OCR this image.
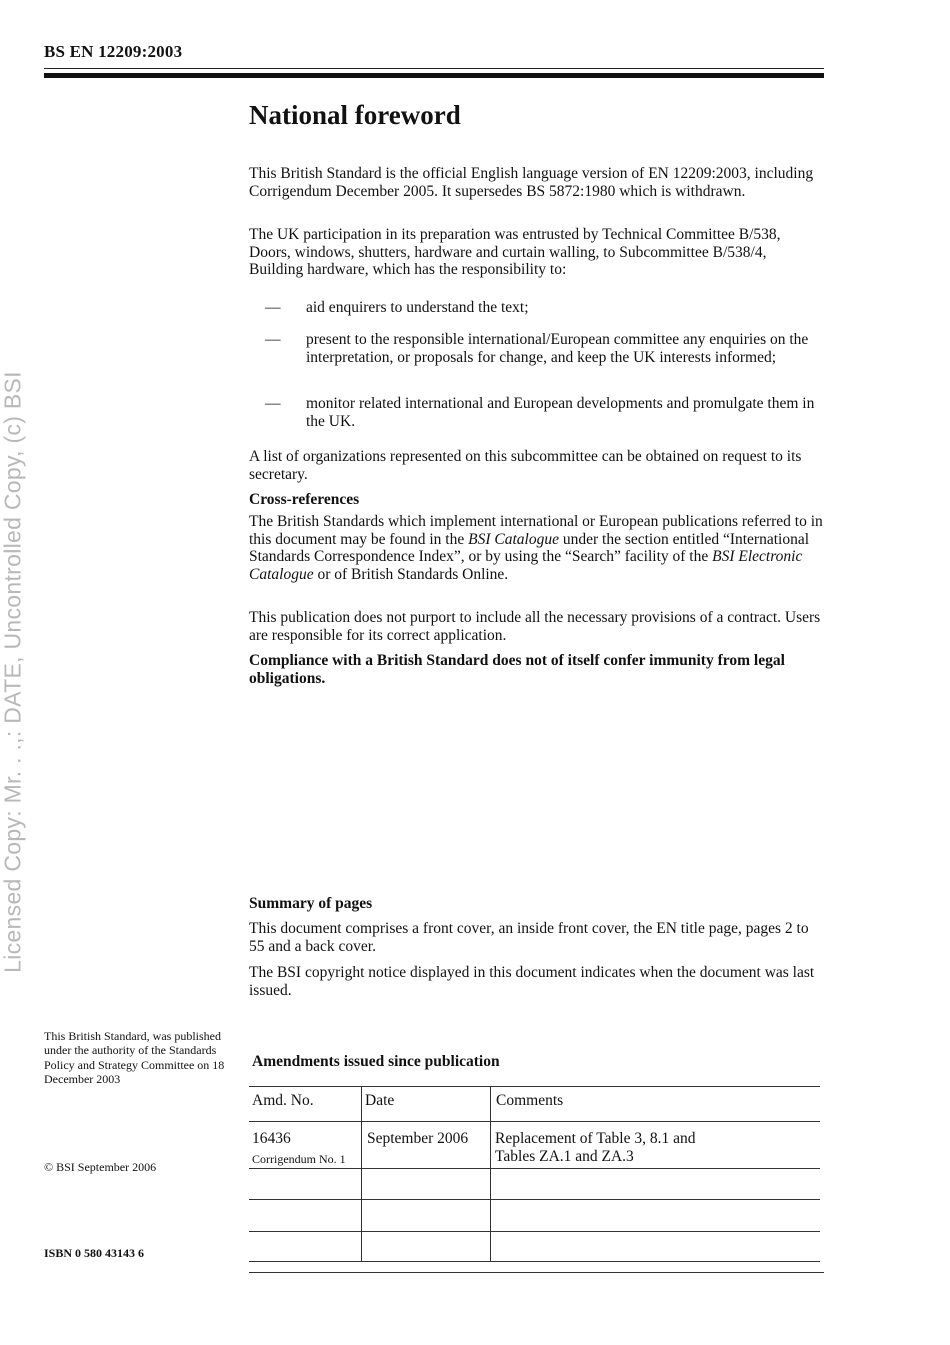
Licensed Copy: Mr. . .,: DATE, Uncontrolled Copy, (c) BSI
BS EN 12209:2003
National foreword

This British Standard is the official English language version of EN 12209:2003, including Corrigendum December 2005. It supersedes BS 5872:1980 which is withdrawn.

The UK participation in its preparation was entrusted by Technical Committee B/538, Doors, windows, shutters, hardware and curtain walling, to Subcommittee B/538/4, Building hardware, which has the responsibility to:

— aid enquirers to understand the text;
— present to the responsible international/European committee any enquiries on the interpretation, or proposals for change, and keep the UK interests informed;
— monitor related international and European developments and promulgate them in the UK.

A list of organizations represented on this subcommittee can be obtained on request to its secretary.

Cross-references

The British Standards which implement international or European publications referred to in this document may be found in the BSI Catalogue under the section entitled “International Standards Correspondence Index”, or by using the “Search” facility of the BSI Electronic Catalogue or of British Standards Online.

This publication does not purport to include all the necessary provisions of a contract. Users are responsible for its correct application.

Compliance with a British Standard does not of itself confer immunity from legal obligations.

Summary of pages

This document comprises a front cover, an inside front cover, the EN title page, pages 2 to 55 and a back cover.

The BSI copyright notice displayed in this document indicates when the document was last issued.

This British Standard, was published under the authority of the Standards Policy and Strategy Committee on 18 December 2003
© BSI September 2006
ISBN 0 580 43143 6
Amendments issued since publication
Amd. No.	Date	Comments
16436
Corrigendum No. 1
September 2006 Replacement of Table 3, 8.1 and
Tables ZA.1 and ZA.3
